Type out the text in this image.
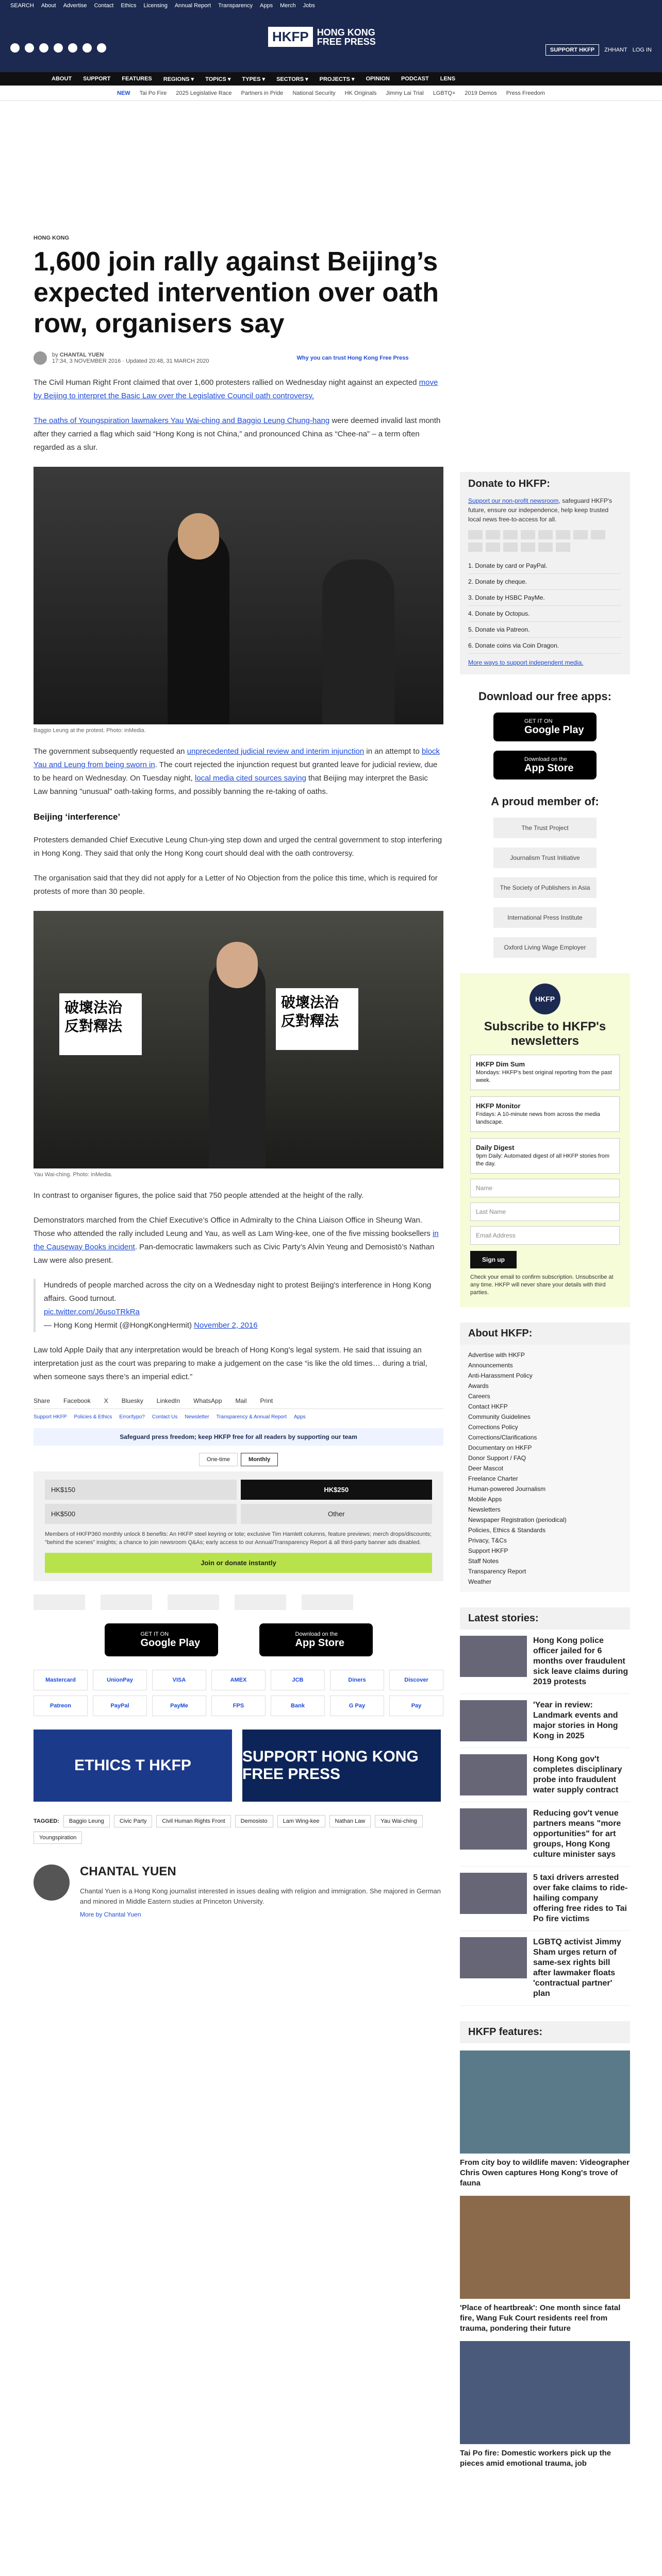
SEARCH About Advertise Contact Ethics Licensing Annual Report Transparency Apps Merch Jobs
HKFP HONG KONG
FREE PRESS
SUPPORT HKFP	ZHHANT LOG IN
ABOUT SUPPORT FEATURES REGIONS ▾ TOPICS ▾ TYPES ▾ SECTORS ▾ PROJECTS ▾ OPINION PODCAST LENS
NEW Tai Po Fire 2025 Legislative Race Partners in Pride National Security HK Originals Jimmy Lai Trial LGBTQ+ 2019 Demos Press Freedom
HONG KONG
1,600 join rally against Beijing’s expected intervention over oath row, organisers say
by CHANTAL YUEN
17:34, 3 NOVEMBER 2016 · Updated 20:48, 31 MARCH 2020	Why you can trust Hong Kong Free Press

The Civil Human Right Front claimed that over 1,600 protesters rallied on Wednesday night against an expected move by Beijing to interpret the Basic Law over the Legislative Council oath controversy.

The oaths of Youngspiration lawmakers Yau Wai-ching and Baggio Leung Chung-hang were deemed invalid last month after they carried a flag which said “Hong Kong is not China,” and pronounced China as “Chee-na” – a term often regarded as a slur.

Baggio Leung at the protest. Photo: inMedia.

The government subsequently requested an unprecedented judicial review and interim injunction in an attempt to block Yau and Leung from being sworn in. The court rejected the injunction request but granted leave for judicial review, due to be heard on Wednesday. On Tuesday night, local media cited sources saying that Beijing may interpret the Basic Law banning "unusual" oath-taking forms, and possibly banning the re-taking of oaths.

Beijing ‘interference’

Protesters demanded Chief Executive Leung Chun-ying step down and urged the central government to stop interfering in Hong Kong. They said that only the Hong Kong court should deal with the oath controversy.

The organisation said that they did not apply for a Letter of No Objection from the police this time, which is required for protests of more than 30 people.

破壞法治 反對釋法
破壞法治 反對釋法
Yau Wai-ching. Photo: inMedia.

In contrast to organiser figures, the police said that 750 people attended at the height of the rally.

Demonstrators marched from the Chief Executive’s Office in Admiralty to the China Liaison Office in Sheung Wan. Those who attended the rally included Leung and Yau, as well as Lam Wing-kee, one of the five missing booksellers in the Causeway Books incident. Pan-democratic lawmakers such as Civic Party’s Alvin Yeung and Demosistō’s Nathan Law were also present.

Hundreds of people marched across the city on a Wednesday night to protest Beijing's interference in Hong Kong affairs. Good turnout.
pic.twitter.com/J6usoTRkRa
— Hong Kong Hermit (@HongKongHermit) November 2, 2016

Law told Apple Daily that any interpretation would be breach of Hong Kong’s legal system. He said that issuing an interpretation just as the court was preparing to make a judgement on the case “is like the old times… during a trial, when someone says there’s an imperial edict.”

Share Facebook X Bluesky LinkedIn WhatsApp Mail Print
Support HKFP Policies & Ethics Error/typo? Contact Us Newsletter Transparency & Annual Report Apps
Safeguard press freedom; keep HKFP free for all readers by supporting our team
One-time	Monthly
HK$150	HK$250
HK$500	Other
Members of HKFP360 monthly unlock 8 benefits: An HKFP steel keyring or tote; exclusive Tim Hamlett columns, feature previews; merch drops/discounts; "behind the scenes" insights; a chance to join newsroom Q&As; early access to our Annual/Transparency Report & all third-party banner ads disabled.
Join or donate instantly
GET IT ON
Google Play
Download on the
App Store
Mastercard	UnionPay	VISA	AMEX	JCB	Diners	Discover
Patreon	PayPal	PayMe	FPS	Bank	G Pay	Pay
ETHICS T HKFP
SUPPORT HONG KONG FREE PRESS
TAGGED:	Baggio Leung	Civic Party	Civil Human Rights Front	Demosisto	Lam Wing-kee	Nathan Law	Yau Wai-ching
Youngspiration
CHANTAL YUEN

Chantal Yuen is a Hong Kong journalist interested in issues dealing with religion and immigration. She majored in German and minored in Middle Eastern studies at Princeton University.

More by Chantal Yuen
Donate to HKFP:

Support our non-profit newsroom, safeguard HKFP's future, ensure our independence, help keep trusted local news free-to-access for all.

1. Donate by card or PayPal.
2. Donate by cheque.
3. Donate by HSBC PayMe.
4. Donate by Octopus.
5. Donate via Patreon.
6. Donate coins via Coin Dragon.
More ways to support independent media.
Download our free apps:
GET IT ON
Google Play
Download on the
App Store
A proud member of:
The Trust Project
Journalism Trust Initiative
The Society of Publishers in Asia
International Press Institute
Oxford Living Wage Employer
HKFP
Subscribe to HKFP's newsletters
HKFP Dim Sum
Mondays: HKFP's best original reporting from the past week.
HKFP Monitor
Fridays: A 10-minute news from across the media landscape.
Daily Digest
9pm Daily: Automated digest of all HKFP stories from the day.
Name
Last Name
Email Address
Sign up
Check your email to confirm subscription. Unsubscribe at any time. HKFP will never share your details with third parties.
About HKFP:
Advertise with HKFP
Announcements
Anti-Harassment Policy
Awards
Careers
Contact HKFP
Community Guidelines
Corrections Policy
Corrections/Clarifications
Documentary on HKFP
Donor Support / FAQ
Deer Mascot
Freelance Charter
Human-powered Journalism
Mobile Apps
Newsletters
Newspaper Registration (periodical)
Policies, Ethics & Standards
Privacy, T&Cs
Support HKFP
Staff Notes
Transparency Report
Weather
Latest stories:
Hong Kong police officer jailed for 6 months over fraudulent sick leave claims during 2019 protests
'Year in review: Landmark events and major stories in Hong Kong in 2025
Hong Kong gov't completes disciplinary probe into fraudulent water supply contract
Reducing gov't venue partners means "more opportunities" for art groups, Hong Kong culture minister says
5 taxi drivers arrested over fake claims to ride-hailing company offering free rides to Tai Po fire victims
LGBTQ activist Jimmy Sham urges return of same-sex rights bill after lawmaker floats 'contractual partner' plan
HKFP features:
From city boy to wildlife maven: Videographer Chris Owen captures Hong Kong's trove of fauna
'Place of heartbreak': One month since fatal fire, Wang Fuk Court residents reel from trauma, pondering their future
Tai Po fire: Domestic workers pick up the pieces amid emotional trauma, job
